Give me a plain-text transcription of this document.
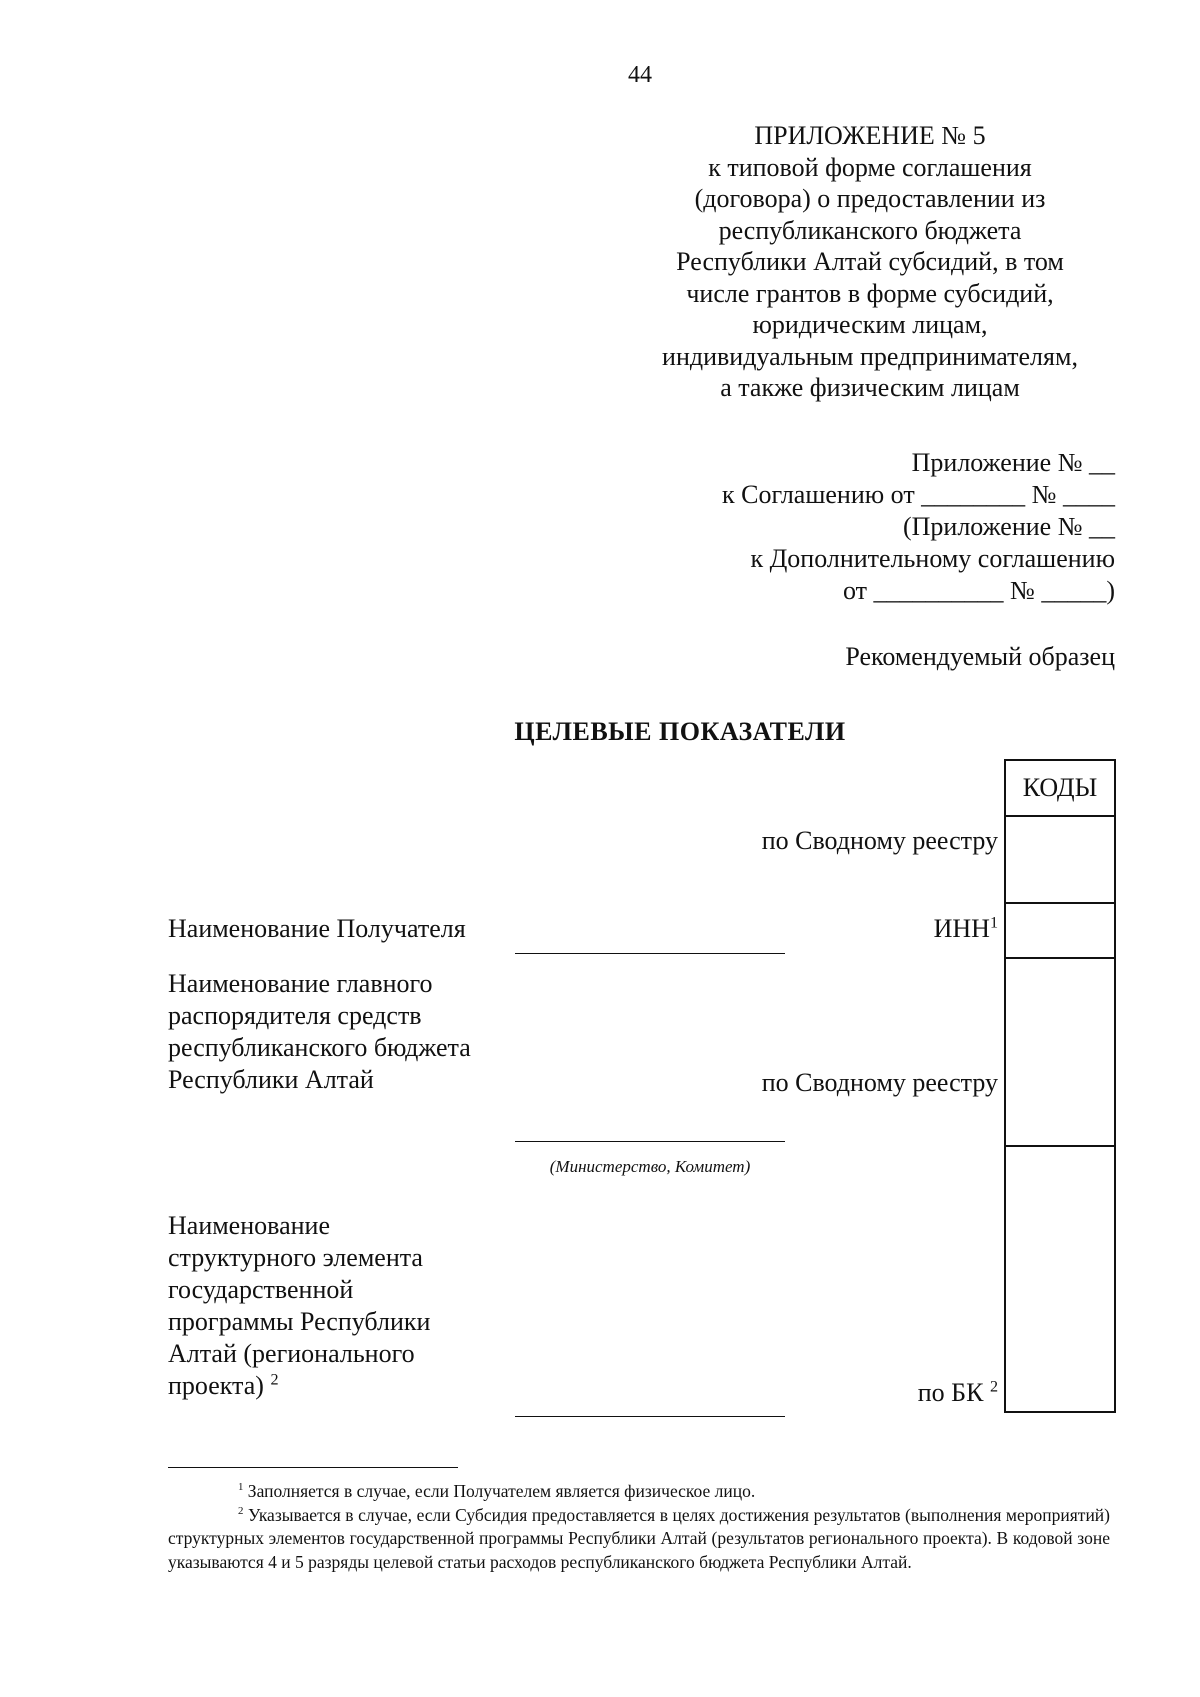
44
ПРИЛОЖЕНИЕ № 5
к типовой форме соглашения
(договора) о предоставлении из
республиканского бюджета
Республики Алтай субсидий, в том
числе грантов в форме субсидий,
юридическим лицам,
индивидуальным предпринимателям,
а также физическим лицам
Приложение № __
к Соглашению от ________ № ____
(Приложение № __
к Дополнительному соглашению
от __________ № _____)
Рекомендуемый образец
ЦЕЛЕВЫЕ ПОКАЗАТЕЛИ
КОДЫ
по Сводному реестру
ИНН$^1$
по Сводному реестру
по БК $^2$
Наименование Получателя
Наименование главного распорядителя средств республиканского бюджета Республики Алтай
Наименование структурного элемента государственной программы Республики Алтай (регионального проекта) $^2$
(Министерство, Комитет)

$^1$ Заполняется в случае, если Получателем является физическое лицо.

$^2$ Указывается в случае, если Субсидия предоставляется в целях достижения результатов (выполнения мероприятий) структурных элементов государственной программы Республики Алтай (результатов регионального проекта). В кодовой зоне указываются 4 и 5 разряды целевой статьи расходов республиканского бюджета Республики Алтай.
